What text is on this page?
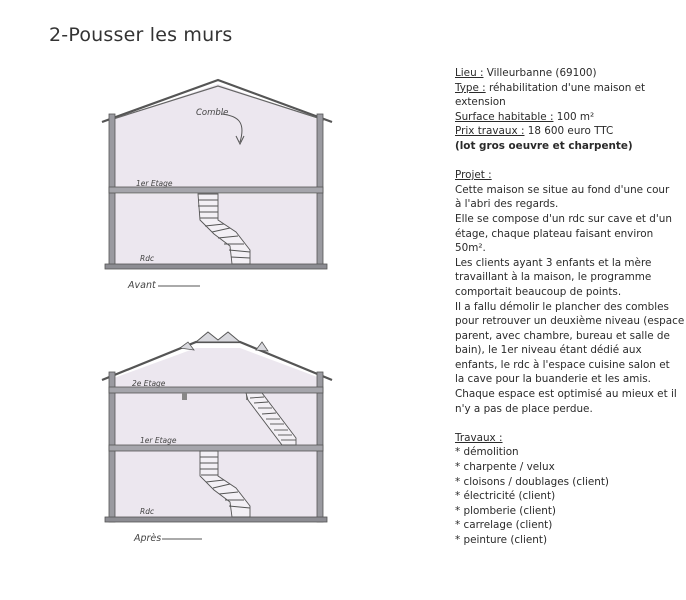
2-Pousser les murs
Comble
1er Etage
Rdc
Avant
2e Etage
1er Etage
Rdc
Après
Lieu : Villeurbanne (69100)
Type : réhabilitation d'une maison et
extension
Surface habitable : 100 m²
Prix travaux : 18 600 euro TTC
(lot gros oeuvre et charpente)
Projet :
Cette maison se situe au fond d'une cour
à l'abri des regards.
Elle se compose d'un rdc sur cave et d'un
étage, chaque plateau faisant environ
50m².
Les clients ayant 3 enfants et la mère
travaillant à la maison, le programme
comportait beaucoup de points.
Il a fallu démolir le plancher des combles
pour retrouver un deuxième niveau (espace
parent, avec chambre, bureau et salle de
bain), le 1er niveau étant dédié aux
enfants, le rdc à l'espace cuisine salon et
la cave pour la buanderie et les amis.
Chaque espace est optimisé au mieux et il
n'y a pas de place perdue.
Travaux :
* démolition
* charpente / velux
* cloisons / doublages (client)
* électricité (client)
* plomberie (client)
* carrelage (client)
* peinture (client)
